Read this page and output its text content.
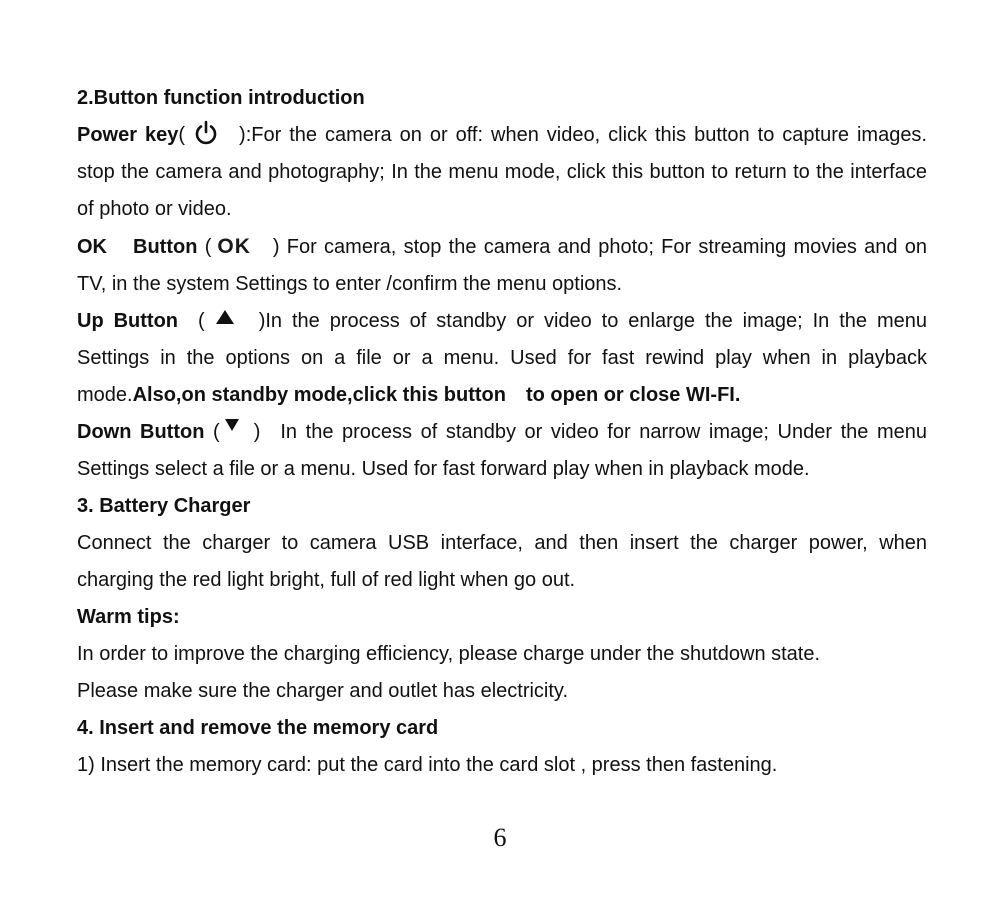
2.Button function introduction

Power key(	):For the camera on or off: when video, click this button to capture images. stop the camera and photography; In the menu mode, click this button to return to the interface of photo or video.

OK Button ( OK ) For camera, stop the camera and photo; For streaming movies and on TV, in the system Settings to enter /confirm the menu options.

Up Button (	)In the process of standby or video to enlarge the image; In the menu Settings in the options on a file or a menu. Used for fast rewind play when in playback mode.Also,on standby mode,click this button to open or close WI-FI.

Down Button ( ) In the process of standby or video for narrow image; Under the menu Settings select a file or a menu. Used for fast forward play when in playback mode.

3. Battery Charger

Connect the charger to camera USB interface, and then insert the charger power, when charging the red light bright, full of red light when go out.

Warm tips:

In order to improve the charging efficiency, please charge under the shutdown state.

Please make sure the charger and outlet has electricity.

4. Insert and remove the memory card

1) Insert the memory card: put the card into the card slot , press then fastening.

6
